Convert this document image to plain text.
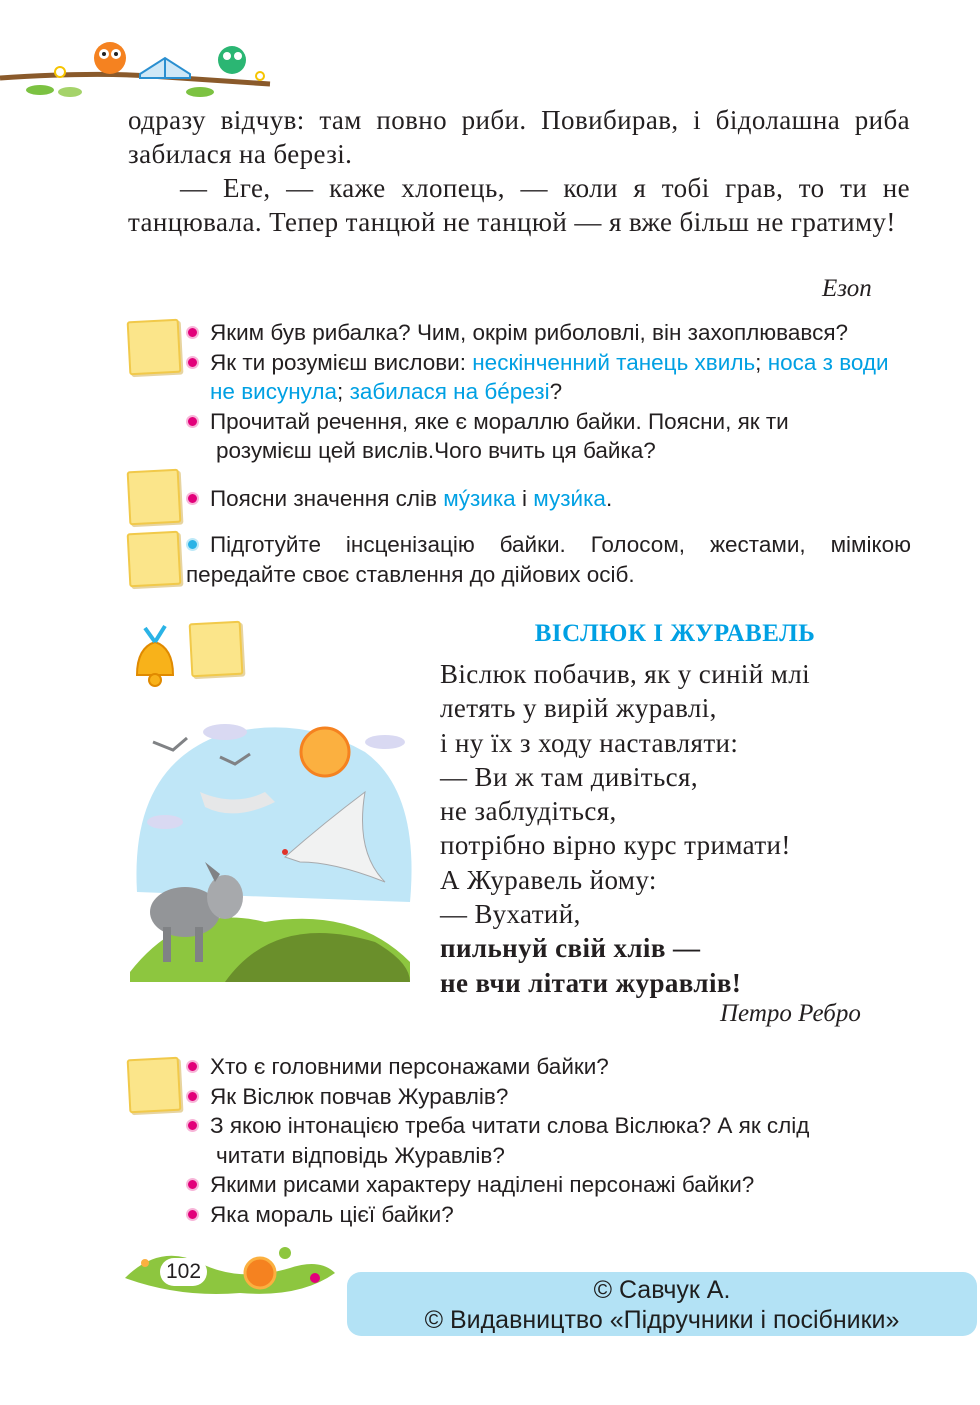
одразу відчув: там повно риби. Повибирав, і бідолашна риба забилася на березі.

— Еге, — каже хлопець, — коли я тобі грав, то ти не танцювала. Тепер танцюй не танцюй — я вже більш не гратиму!

Езоп
Яким був рибалка? Чим, окрім риболовлі, він захоплювався?
Як ти розумієш вислови: нескінченний танець хвиль; носа з води не висунула; забилася на бéрезі?
Прочитай речення, яке є мораллю байки. Поясни, як ти
розумієш цей вислів.Чого вчить ця байка?
Поясни значення слів мýзика і музи́ка.
Підготуйте інсценізацію байки. Голосом, жестами, мімікою
передайте своє ставлення до дійових осіб.
ВІСЛЮК І ЖУРАВЕЛЬ
Віслюк побачив, як у синій млі
летять у вирій журавлі,
і ну їх з ходу наставляти:
— Ви ж там дивіться,
не заблудіться,
потрібно вірно курс тримати!
А Журавель йому:
— Вухатий,
пильнуй свій хлів —
не вчи літати журавлів!
Петро Ребро
Хто є головними персонажами байки?
Як Віслюк повчав Журавлів?
З якою інтонацією треба читати слова Віслюка? А як слід
читати відповідь Журавлів?
Якими рисами характеру наділені персонажі байки?
Яка мораль цієї байки?
102
© Савчук А.
© Видавництво «Підручники і посібники»
